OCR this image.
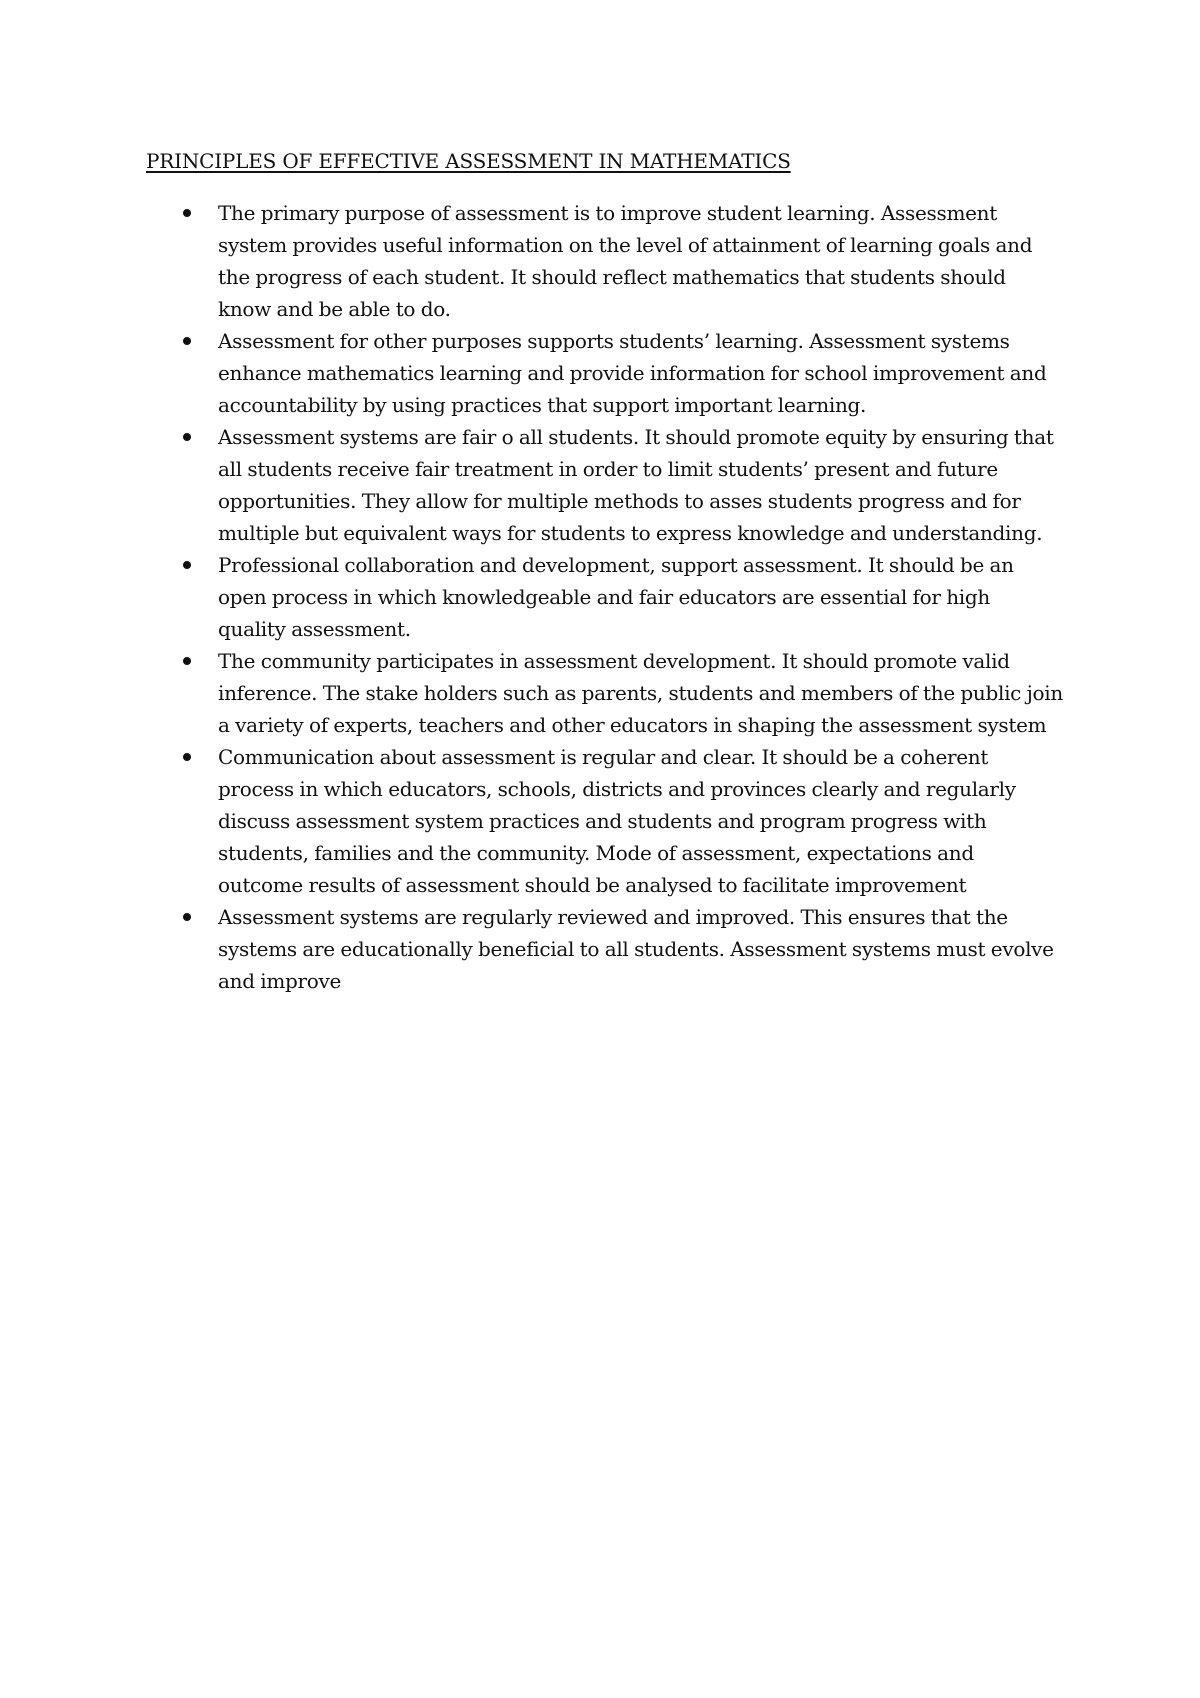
PRINCIPLES OF EFFECTIVE ASSESSMENT IN MATHEMATICS
The primary purpose of assessment is to improve student learning. Assessment system provides useful information on the level of attainment of learning goals and the progress of each student. It should reflect mathematics that students should know and be able to do.
Assessment for other purposes supports students’ learning. Assessment systems enhance mathematics learning and provide information for school improvement and accountability by using practices that support important learning.
Assessment systems are fair o all students. It should promote equity by ensuring that all students receive fair treatment in order to limit students’ present and future opportunities. They allow for multiple methods to asses students progress and for multiple but equivalent ways for students to express knowledge and understanding.
Professional collaboration and development, support assessment. It should be an open process in which knowledgeable and fair educators are essential for high quality assessment.
The community participates in assessment development. It should promote valid inference. The stake holders such as parents, students and members of the public join a variety of experts, teachers and other educators in shaping the assessment system
Communication about assessment is regular and clear. It should be a coherent process in which educators, schools, districts and provinces clearly and regularly discuss assessment system practices and students and program progress with students, families and the community. Mode of assessment, expectations and outcome results of assessment should be analysed to facilitate improvement
Assessment systems are regularly reviewed and improved. This ensures that the systems are educationally beneficial to all students. Assessment systems must evolve and improve
